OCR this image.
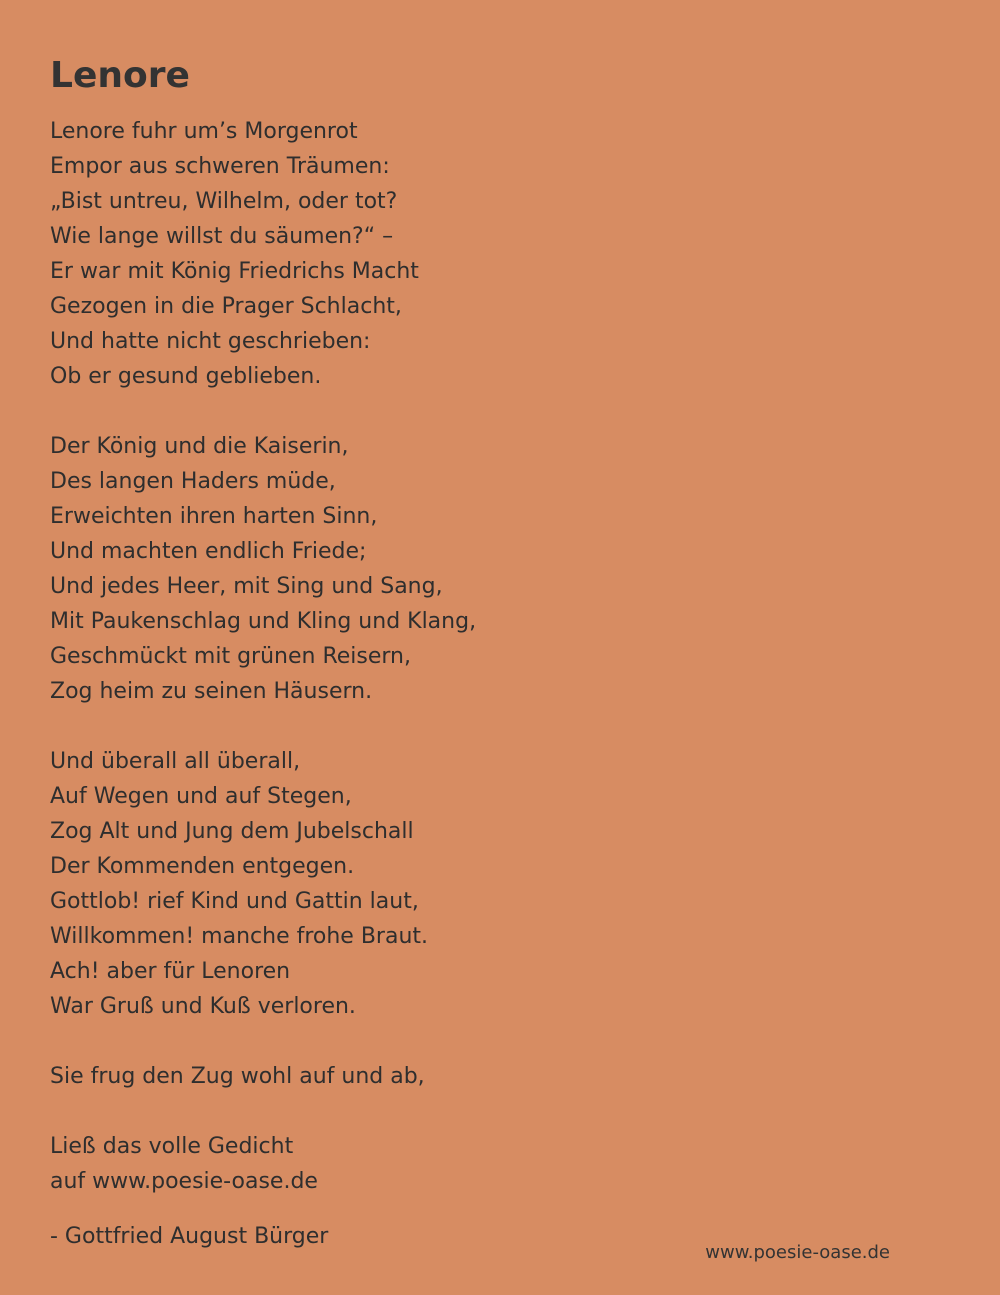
Lenore
Lenore fuhr um’s Morgenrot
Empor aus schweren Träumen:
„Bist untreu, Wilhelm, oder tot?
Wie lange willst du säumen?“ –
Er war mit König Friedrichs Macht
Gezogen in die Prager Schlacht,
Und hatte nicht geschrieben:
Ob er gesund geblieben.
Der König und die Kaiserin,
Des langen Haders müde,
Erweichten ihren harten Sinn,
Und machten endlich Friede;
Und jedes Heer, mit Sing und Sang,
Mit Paukenschlag und Kling und Klang,
Geschmückt mit grünen Reisern,
Zog heim zu seinen Häusern.
Und überall all überall,
Auf Wegen und auf Stegen,
Zog Alt und Jung dem Jubelschall
Der Kommenden entgegen.
Gottlob! rief Kind und Gattin laut,
Willkommen! manche frohe Braut.
Ach! aber für Lenoren
War Gruß und Kuß verloren.
Sie frug den Zug wohl auf und ab,
Ließ das volle Gedicht
auf www.poesie-oase.de
- Gottfried August Bürger
www.poesie-oase.de
